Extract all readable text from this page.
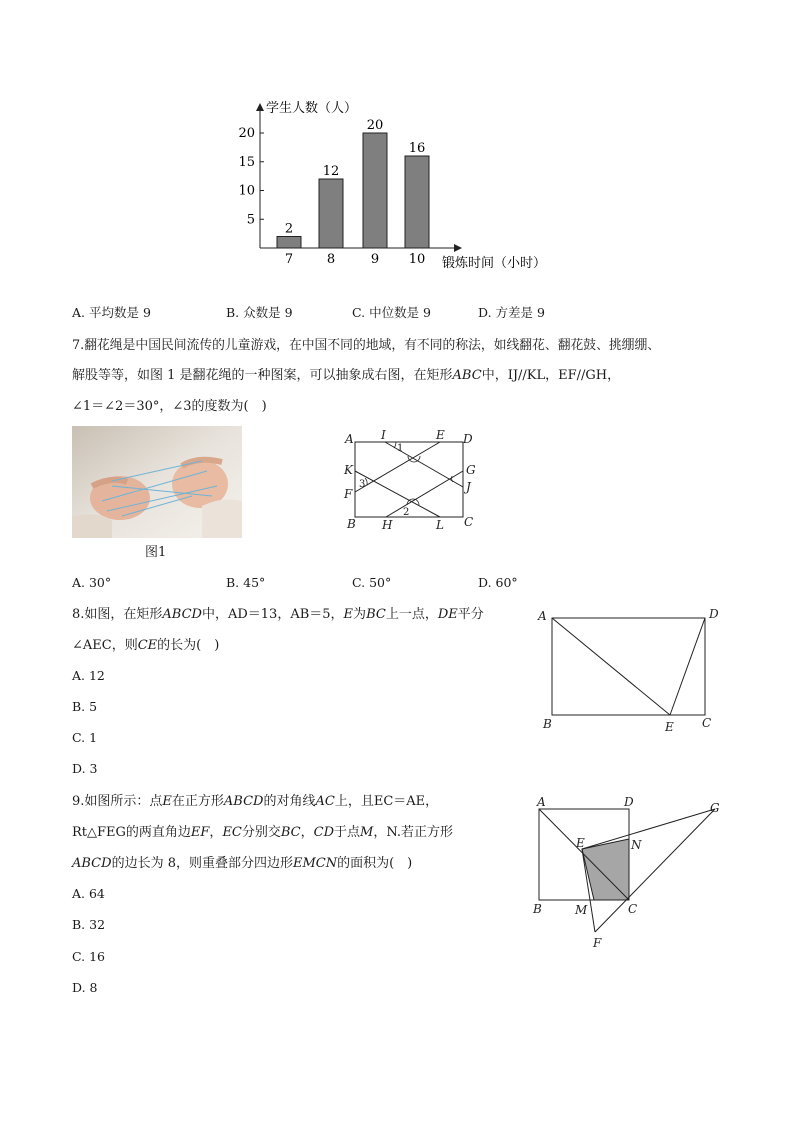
学生人数（人）
锻炼时间（小时）
5
10
15
20
2
7
12
8
20
9
16
10
A. 平均数是 9	B. 众数是 9	C. 中位数是 9	D. 方差是 9
7.翻花绳是中国民间流传的儿童游戏，在中国不同的地域，有不同的称法，如线翻花、翻花鼓、挑绷绷、
解股等等，如图 1 是翻花绳的一种图案，可以抽象成右图，在矩形ABC中，IJ//KL，EF//GH，
∠1＝∠2＝30°，∠3的度数为(　)
图1
A I	E D
K
F
G
J
B H	L C
1
3
2
A. 30°	B. 45°	C. 50°	D. 60°
8.如图，在矩形ABCD中，AD＝13，AB＝5，E为BC上一点，DE平分
∠AEC，则CE的长为(　)
A. 12
B. 5
C. 1
D. 3
A	D
B	E C
9.如图所示：点E在正方形ABCD的对角线AC上，且EC＝AE，
Rt△FEG的两直角边EF，EC分别交BC，CD于点M，N.若正方形
ABCD的边长为 8，则重叠部分四边形EMCN的面积为(　)
A. 64
B. 32
C. 16
D. 8
A	D	G
E	N
B	M	C
F
